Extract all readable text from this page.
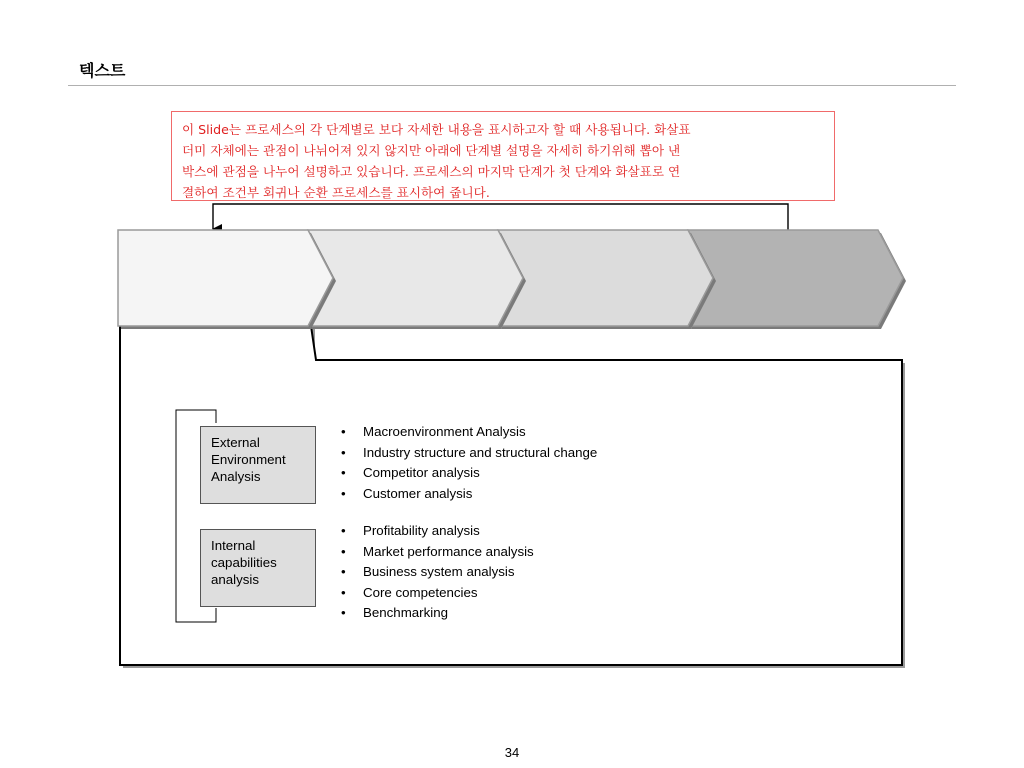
텍스트
이 Slide는 프로세스의 각 단계별로 보다 자세한 내용을 표시하고자 할 때 사용됩니다. 화살표
더미 자체에는 관점이 나뉘어져 있지 않지만 아래에 단계별 설명을 자세히 하기위해 뽑아 낸
박스에 관점을 나누어 설명하고 있습니다. 프로세스의 마지막 단계가 첫 단계와 화살표로 연
결하여 조건부 회귀나 순환 프로세스를 표시하여 줍니다.
External
Environment
Analysis
Internal
capabilities
analysis
• Macroenvironment Analysis
• Industry structure and structural change
• Competitor analysis
• Customer analysis
• Profitability analysis
• Market performance analysis
• Business system analysis
• Core competencies
• Benchmarking
34
